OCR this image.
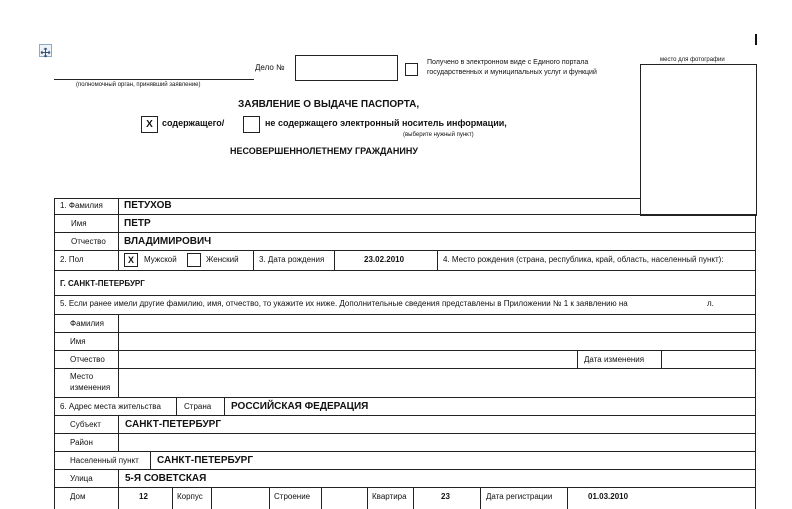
(полномочный орган, принявший заявление)
Дело №
Получено в электронном виде с Единого портала
государственных и муниципальных услуг и функций
место для фотографии
ЗАЯВЛЕНИЕ О ВЫДАЧЕ ПАСПОРТА,
X	содержащего/	не содержащего электронный носитель информации,
(выберите нужный пункт)
НЕСОВЕРШЕННОЛЕТНЕМУ ГРАЖДАНИНУ
1. Фамилия ПЕТУХОВ
Имя	ПЕТР
Отчество ВЛАДИМИРОВИЧ
2. Пол	X	Мужской	Женский	3. Дата рождения	23.02.2010	4. Место рождения (страна, республика, край, область, населенный пункт):
Г. САНКТ-ПЕТЕРБУРГ
5. Если ранее имели другие фамилию, имя, отчество, то укажите их ниже. Дополнительные сведения представлены в Приложении № 1 к заявлению на	л.
Фамилия
Имя
Отчество	Дата изменения
Место
изменения
6. Адрес места жительства	Страна РОССИЙСКАЯ ФЕДЕРАЦИЯ
Субъект САНКТ-ПЕТЕРБУРГ
Район
Населенный пункт САНКТ-ПЕТЕРБУРГ
Улица	5-Я СОВЕТСКАЯ
Дом	12	Корпус	Строение	Квартира	23	Дата регистрации	01.03.2010
